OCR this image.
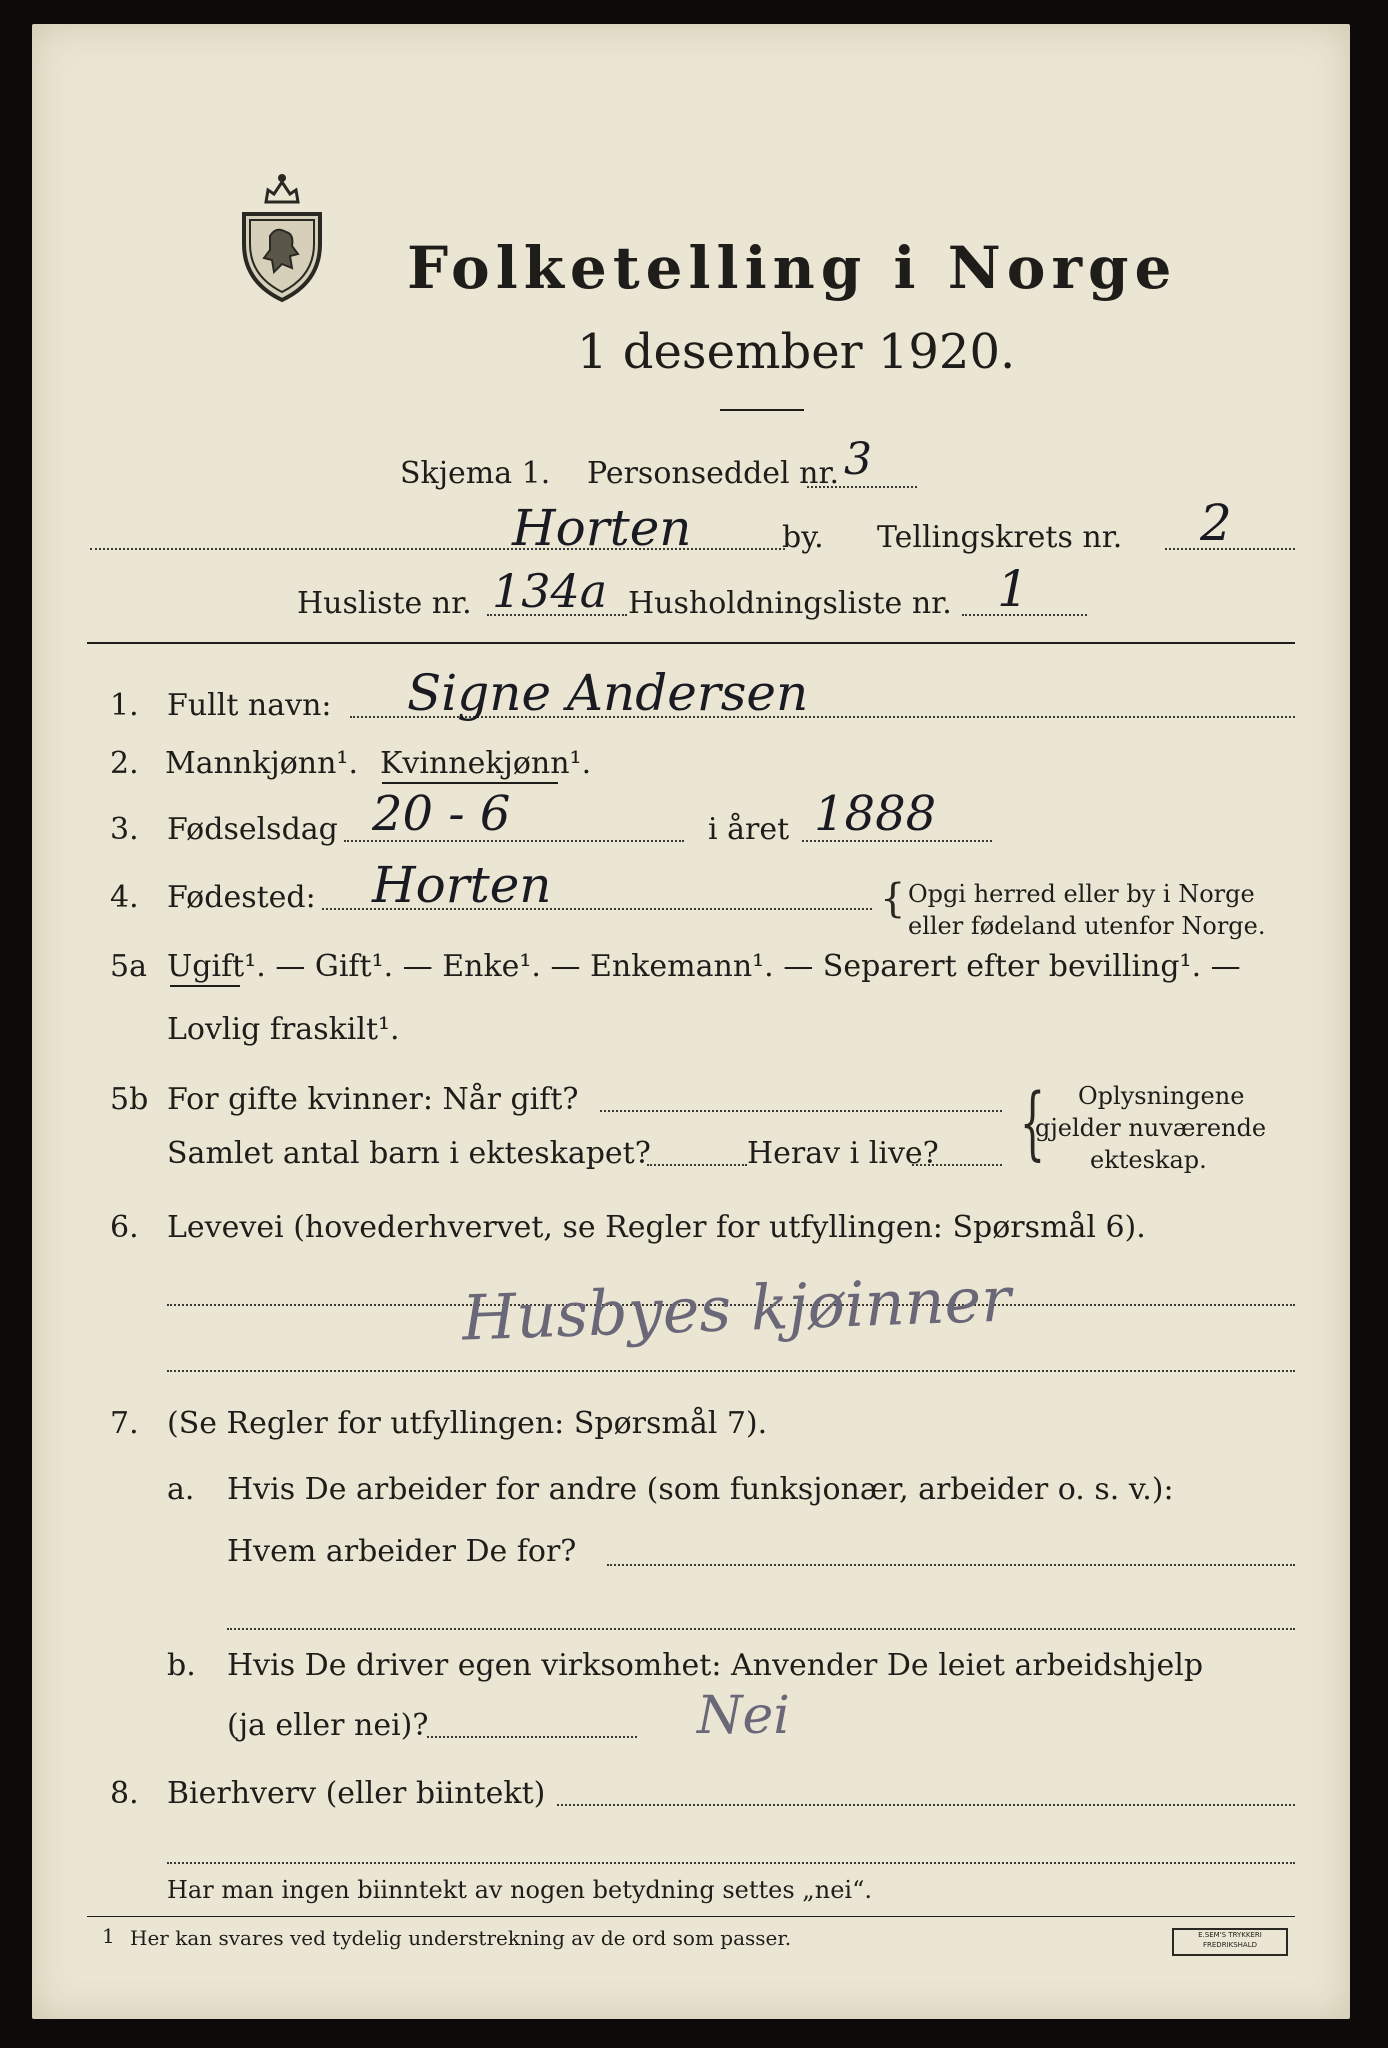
Folketelling i Norge
1 desember 1920.
Skjema 1. Personseddel nr. 3
Horten	by. Tellingskrets nr. 2
Husliste nr. 134a Husholdningsliste nr. 1
1. Fullt navn: Signe Andersen
2. Mannkjønn¹. Kvinnekjønn¹.
3. Fødselsdag 20 - 6	i året 1888
4. Fødested: Horten	{ Opgi herred eller by i Norge
eller fødeland utenfor Norge.
5a Ugift¹. — Gift¹. — Enke¹. — Enkemann¹. — Separert efter bevilling¹. —
Lovlig fraskilt¹.
5b For gifte kvinner: Når gift?
Samlet antal barn i ekteskapet?	Herav i live? { Oplysningene
gjelder nuværende
ekteskap.
6. Levevei (hovederhvervet, se Regler for utfyllingen: Spørsmål 6).
Husbyes kjøinner
7. (Se Regler for utfyllingen: Spørsmål 7).
a. Hvis De arbeider for andre (som funksjonær, arbeider o. s. v.):
Hvem arbeider De for?
b. Hvis De driver egen virksomhet: Anvender De leiet arbeidshjelp
(ja eller nei)?	Nei
8. Bierhverv (eller biintekt)
Har man ingen biinntekt av nogen betydning settes „nei“.
1 Her kan svares ved tydelig understrekning av de ord som passer.	E.SEM'S TRYKKERI
FREDRIKSHALD
